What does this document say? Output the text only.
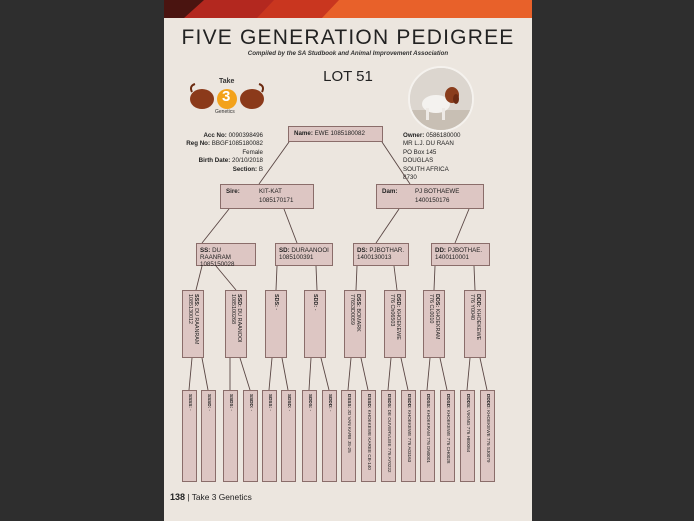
FIVE GENERATION PEDIGREE
Compiled by the SA Studbook and Animal Improvement Association
LOT 51
Take
3
Genetics
Acc No: 0090398496
Reg No: BBGF1085180082
Female
Birth Date: 20/10/2018
Section: B
Owner: 0586180000
MR L.J. DU RAAN
PO Box 145
DOUGLAS
SOUTH AFRICA
8730
Name: EWE 1085180082
Sire:	KIT-KAT
1085170171
Dam:	PJ BOTHAEWE
1400150176
SS: DU RAANRAM
1085150028
SD: DURAANOOI
1085100391
DS: PJBOTHAR.
1400130013
DD: PJBOTHAE.
1400110001
SSS: DU RAANRAM
1085130012	SSD: DU RAANOOI
1085100268	SDS: -

SDD: -

DSS: BOMARK
77653D0059	DSD: KHOEKEWE
776 Ch06503	DDS: KHOEKRAM
776 CL0010	DDD: KHOEKEWE
776 Y0040
SSSS: -
SSSD: -
SSDS: -
SSDD: -
SDSS: -
SDSD: -
SDDS: -
SDDD: -
DSSS: JO VAN KARB JS-25
DSSD: KHOEKEWE KAREE CB-140
DSDS: DE OUVERVLEIE 776 AY0222
DSDD: KHOEKEWE 776 A03163
DDSS: KHOEKRAM 776 DN0001
DDSD: KHOEKEWE 776 CH0028
DDDS: VIKING 776 HB0064
DDDD: KHOEKEWE 776 SJ0079
138 | Take 3 Genetics
